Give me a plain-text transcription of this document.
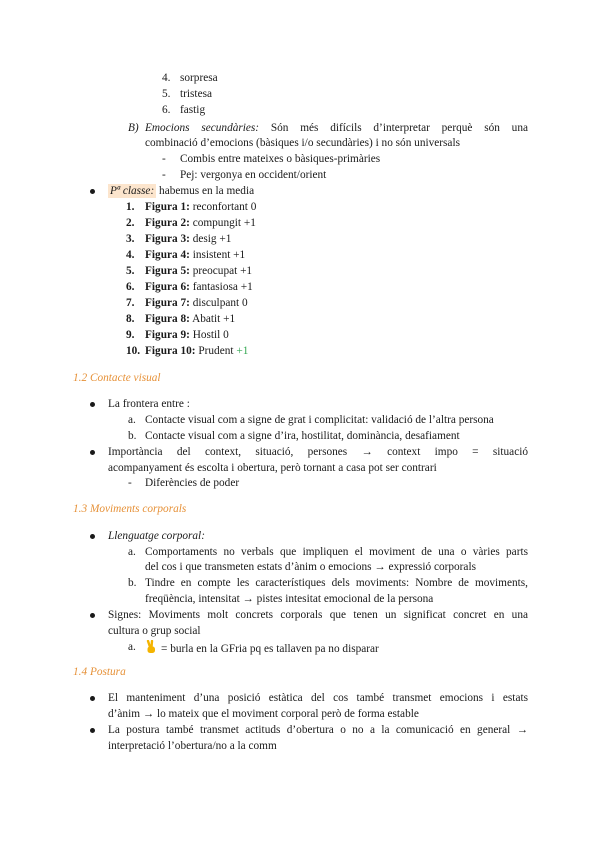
4. sorpresa
5. tristesa
6. fastig
B) Emocions secundàries: Són més difícils d’interpretar perquè són una
combinació d’emocions (bàsiques i/o secundàries) i no són universals
- Combis entre mateixes o bàsiques-primàries
- Pej: vergonya en occident/orient
Pª classe: habemus en la media
1. Figura 1: reconfortant 0
2. Figura 2: compungit +1
3. Figura 3: desig +1
4. Figura 4: insistent +1
5. Figura 5: preocupat +1
6. Figura 6: fantasiosa +1
7. Figura 7: disculpant 0
8. Figura 8: Abatit +1
9. Figura 9: Hostil 0
10. Figura 10: Prudent +1
1.2 Contacte visual
La frontera entre :
a. Contacte visual com a signe de grat i complicitat: validació de l’altra persona
b. Contacte visual com a signe d’ira, hostilitat, dominància, desafiament
Importància del context, situació, persones → context impo = situació
acompanyament és escolta i obertura, però tornant a casa pot ser contrari
- Diferències de poder
1.3 Moviments corporals
Llenguatge corporal:
a. Comportaments no verbals que impliquen el moviment de una o vàries parts
del cos i que transmeten estats d’ànim o emocions → expressió corporals
b. Tindre en compte les característiques dels moviments: Nombre de moviments,
freqüència, intensitat → pistes intesitat emocional de la persona
Signes: Moviments molt concrets corporals que tenen un significat concret en una
cultura o grup social
a.	= burla en la GFria pq es tallaven pa no disparar
1.4 Postura
El manteniment d’una posició estàtica del cos també transmet emocions i estats
d’ànim → lo mateix que el moviment corporal però de forma estable
La postura també transmet actituds d’obertura o no a la comunicació en general →
interpretació l’obertura/no a la comm
